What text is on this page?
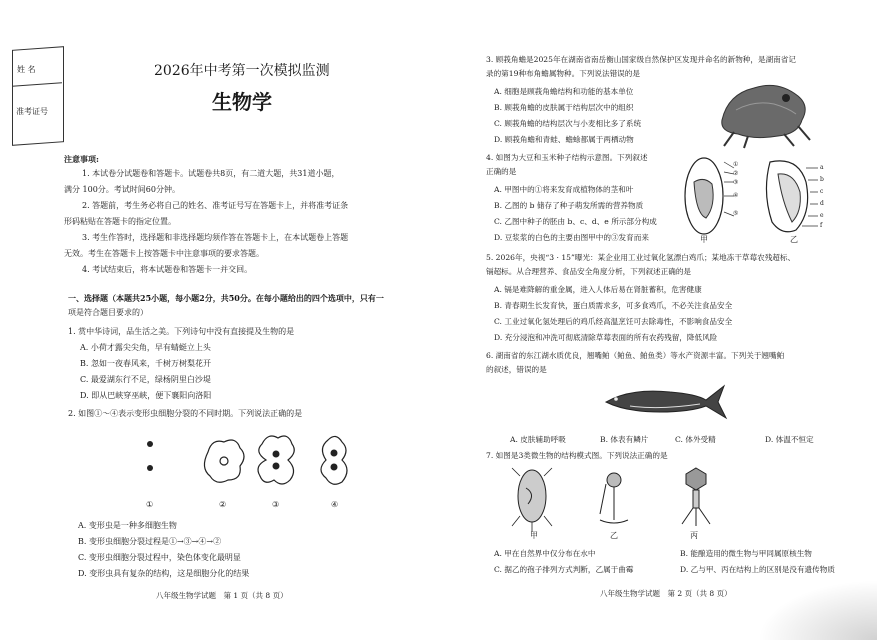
姓 名
准考证号
2026年中考第一次模拟监测
生物学
注意事项:
1. 本试卷分试题卷和答题卡。试题卷共8页，有二道大题，共31道小题，
满分 100分。考试时间60分钟。
2. 答题前，考生务必将自己的姓名、准考证号写在答题卡上，并将准考证条
形码粘贴在答题卡的指定位置。
3. 考生作答时，选择题和非选择题均须作答在答题卡上，在本试题卷上答题
无效。考生在答题卡上按答题卡中注意事项的要求答题。
4. 考试结束后，将本试题卷和答题卡一并交回。
一、选择题（本题共25小题，每小题2分，共50分。在每小题给出的四个选项中，只有一
项是符合题目要求的）
1. 赏中华诗词，品生活之美。下列诗句中没有直接提及生物的是
A. 小荷才露尖尖角，早有蜻蜓立上头
B. 忽如一夜春风来，千树万树梨花开
C. 最爱湖东行不足，绿杨阴里白沙堤
D. 即从巴峡穿巫峡，便下襄阳向洛阳
2. 如图①～④表示变形虫细胞分裂的不同时期。下列说法正确的是
①	②	③	④
A. 变形虫是一种多细胞生物
B. 变形虫细胞分裂过程是①→③→④→②
C. 变形虫细胞分裂过程中，染色体变化最明显
D. 变形虫具有复杂的结构，这是细胞分化的结果
八年级生物学试题　第 1 页（共 8 页）
3. 顾莪角蟾是2025年在湖南省南岳衡山国家级自然保护区发现并命名的新物种，是湖南省记
录的第19种布角蟾属物种。下列说法错误的是
A. 细胞是顾莪角蟾结构和功能的基本单位
B. 顾莪角蟾的皮肤属于结构层次中的组织
C. 顾莪角蟾的结构层次与小麦相比多了系统
D. 顾莪角蟾和青蛙、蟾蜍都属于两栖动物
4. 如图为大豆和玉米种子结构示意图。下列叙述
正确的是
A. 甲图中的①将来发育成植物体的茎和叶
B. 乙图的 b 储存了种子萌发所需的营养物质
C. 乙图中种子的胚由 b、c、d、e 所示部分构成
D. 豆浆浆的白色的主要由图甲中的③发育而来
①
②
③
④
⑤
a
b
c
d
e
f
甲	乙
5. 2026年，央视“3 · 15”曝光：某企业用工业过氧化氢漂白鸡爪；某地冻干草莓农残超标、
镉超标。从合理营养、食品安全角度分析，下列叙述正确的是
A. 镉是难降解的重金属，进入人体后易在肾脏蓄积，危害健康
B. 青春期生长发育快，蛋白质需求多，可多食鸡爪，不必关注食品安全
C. 工业过氧化氢处理后的鸡爪经高温烹饪可去除毒性，不影响食品安全
D. 充分浸泡和冲洗可彻底清除草莓表面的所有农药残留，降低风险
6. 湖南省的东江湖水质优良，翘嘴鲌（鲌鱼、鮊鱼类）等水产资源丰富。下列关于翘嘴鲌
的叙述，错误的是
A. 皮肤辅助呼吸	B. 体表有鳞片	C. 体外受精	D. 体温不恒定
7. 如图是3类微生物的结构模式图。下列说法正确的是
甲	乙	丙
A. 甲在自然界中仅分布在水中	B. 能酿造用的微生物与甲同属原核生物
C. 据乙的孢子排列方式判断，乙属于曲霉	D. 乙与甲、丙在结构上的区别是没有遗传物质
八年级生物学试题　第 2 页（共 8 页）
